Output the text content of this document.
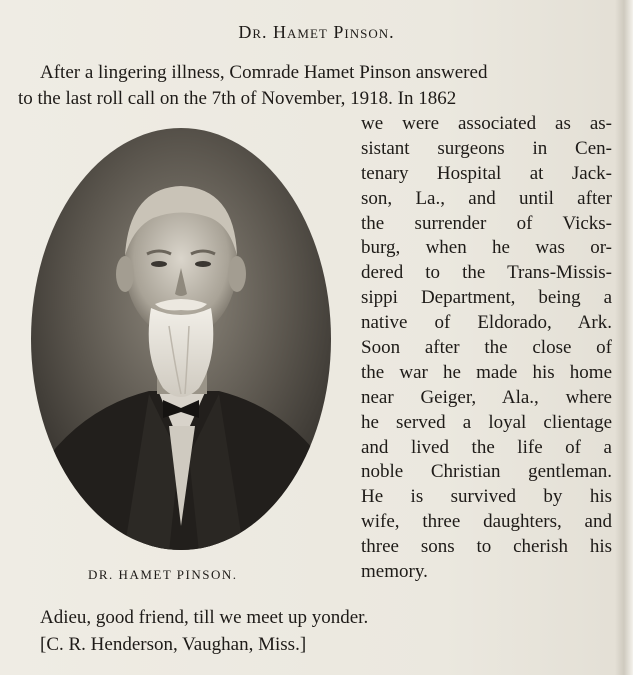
Dr. Hamet Pinson.
After a lingering illness, Comrade Hamet Pinson answered
to the last roll call on the 7th of November, 1918. In 1862
we were associated as as-
sistant surgeons in Cen-
tenary Hospital at Jack-
son, La., and until after
the surrender of Vicks-
burg, when he was or-
dered to the Trans-Missis-
sippi Department, being a
native of Eldorado, Ark.
Soon after the close of
the war he made his home
near Geiger, Ala., where
he served a loyal clientage
and lived the life of a
noble Christian gentleman.
He is survived by his
wife, three daughters, and
three sons to cherish his
memory.
DR. HAMET PINSON.
Adieu, good friend, till we meet up yonder.
[C. R. Henderson, Vaughan, Miss.]
